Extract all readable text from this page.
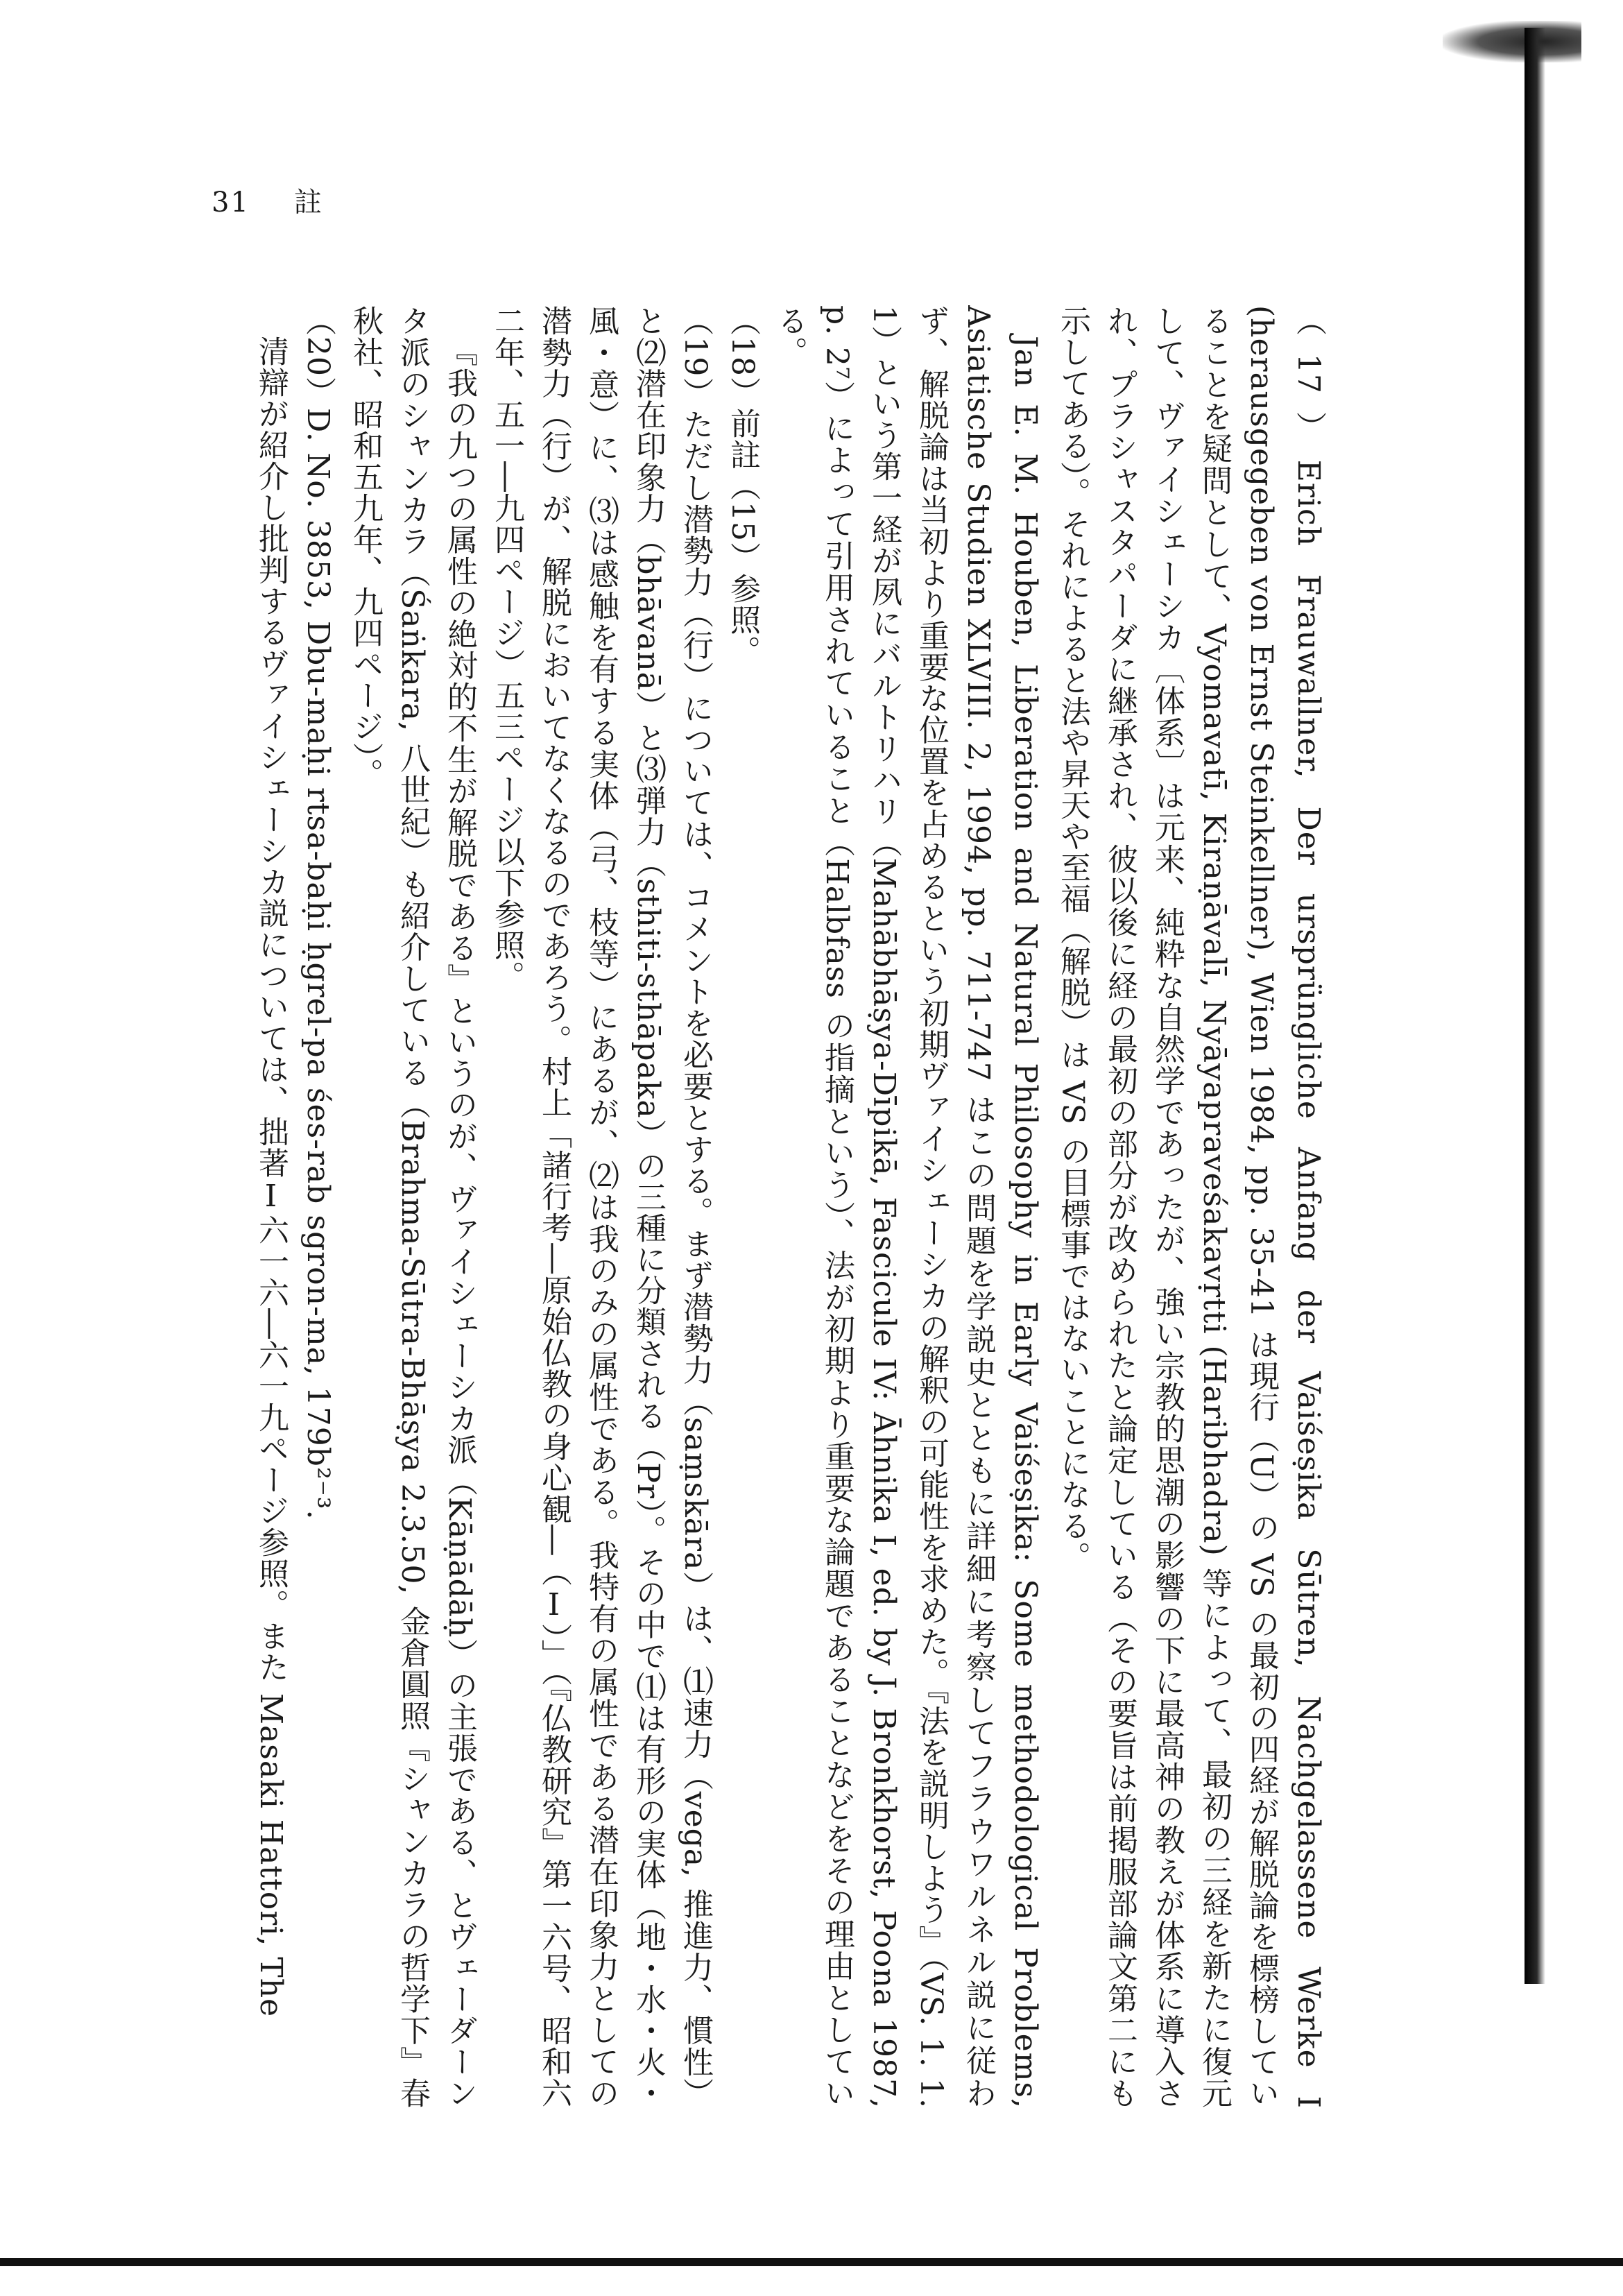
31 註

（17）Erich Frauwallner, Der ursprüngliche Anfang der Vaiśeṣika Sūtren, Nachgelassene Werke I (herausgegeben von Ernst Steinkellner), Wien 1984, pp. 35-41 は現行（U）の VS の最初の四経が解脱論を標榜していることを疑問として、Vyomavatī, Kiraṇāvalī, Nyāyapraveśakavṛtti (Haribhadra) 等によって、最初の三経を新たに復元して、ヴァイシェーシカ〔体系〕は元来、純粋な自然学であったが、強い宗教的思潮の影響の下に最高神の教えが体系に導入され、プラシャスタパーダに継承され、彼以後に経の最初の部分が改められたと論定している（その要旨は前掲服部論文第二にも示してある）。それによると法や昇天や至福（解脱）は VS の目標事ではないことになる。

Jan E. M. Houben, Liberation and Natural Philosophy in Early Vaiśeṣika: Some methodological Problems, Asiatische Studien XLVIII. 2, 1994, pp. 711-747 はこの問題を学説史とともに詳細に考察してフラウワルネル説に従わず、解脱論は当初より重要な位置を占めるという初期ヴァイシェーシカの解釈の可能性を求めた。『法を説明しよう』（VS. 1. 1. 1）という第一経が夙にバルトリハリ（Mahābhāṣya-Dīpikā, Fascicule IV: Āhnika I, ed. by J. Bronkhorst, Poona 1987, p. 2⁷）によって引用されていること（Halbfass の指摘という）、法が初期より重要な論題であることなどをその理由としている。

（18）前註（15）参照。

（19）ただし潜勢力（行）については、コメントを必要とする。まず潜勢力（saṃskāra）は、⑴速力（vega, 推進力、慣性）と⑵潜在印象力（bhāvanā）と⑶弾力（sthiti-sthāpaka）の三種に分類される（Pr）。その中で⑴は有形の実体（地・水・火・風・意）に、⑶は感触を有する実体（弓、枝等）にあるが、⑵は我のみの属性である。我特有の属性である潜在印象力としての潜勢力（行）が、解脱においてなくなるのであろう。村上「諸行考―原始仏教の身心観―（Ⅰ）」（『仏教研究』第一六号、昭和六二年、五一―九四ページ）五三ページ以下参照。

『我の九つの属性の絶対的不生が解脱である』というのが、ヴァイシェーシカ派（Kāṇādāḥ）の主張である、とヴェーダーンタ派のシャンカラ（Śaṅkara, 八世紀）も紹介している（Brahma-Sūtra-Bhāṣya 2.3.50, 金倉圓照『シャンカラの哲学下』春秋社、昭和五九年、九四ページ）。

（20）D. No. 3853, Dbu-maḥi rtsa-baḥi ḥgrel-pa śes-rab sgron-ma, 179b²⁻³.

清辯が紹介し批判するヴァイシェーシカ説については、拙著Ⅰ六一六―六一九ページ参照。また Masaki Hattori, The
